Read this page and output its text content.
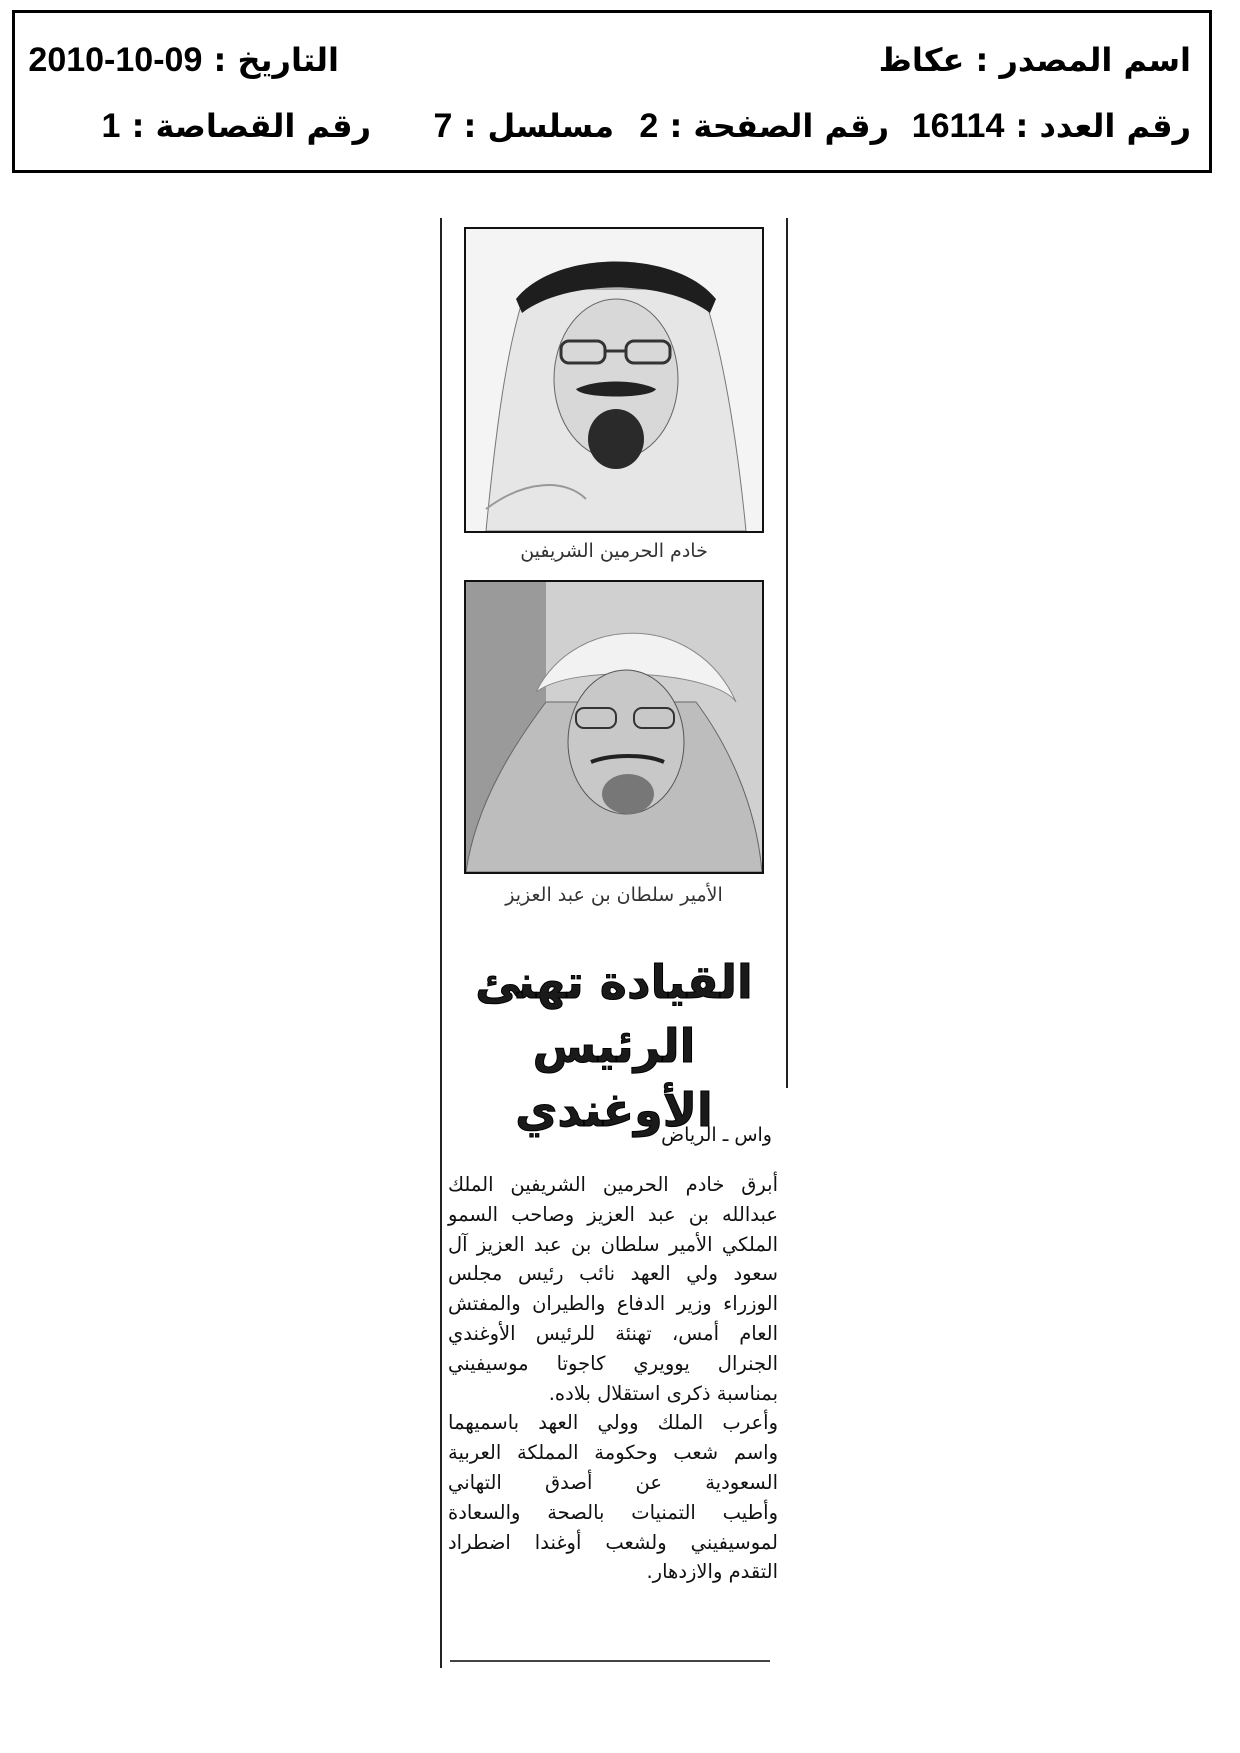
اسم المصدر : عكاظ
التاريخ : 09-10-2010
رقم العدد : 16114
رقم الصفحة : 2
مسلسل : 7
رقم القصاصة : 1
خادم الحرمين الشريفين
الأمير سلطان بن عبد العزيز
القيادة تهنئ
الرئيس الأوغندي
واس ـ الرياض
أبرق خادم الحرمين الشريفين الملك
عبدالله بن عبد العزيز وصاحب السمو
الملكي الأمير سلطان بن عبد العزيز آل
سعود ولي العهد نائب رئيس مجلس
الوزراء وزير الدفاع والطيران والمفتش
العام أمس، تهنئة للرئيس الأوغندي
الجنرال يوويري كاجوتا موسيفيني
بمناسبة ذكرى استقلال بلاده.
وأعرب الملك وولي العهد باسميهما
واسم شعب وحكومة المملكة العربية
السعودية عن أصدق التهاني
وأطيب التمنيات بالصحة والسعادة
لموسيفيني ولشعب أوغندا اضطراد
التقدم والازدهار.
